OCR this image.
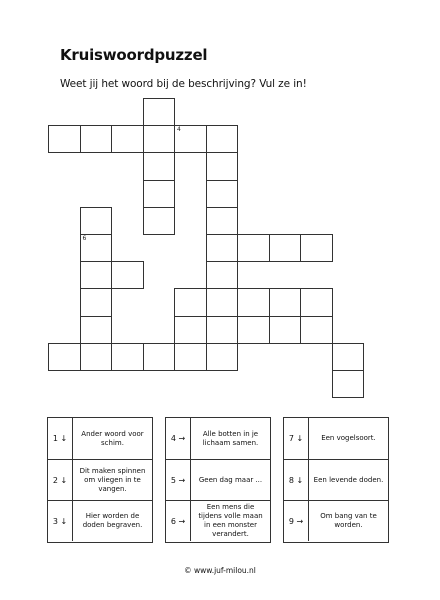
Kruiswoordpuzzel
Weet jij het woord bij de beschrijving? Vul ze in!
4
6
1 ↓
Ander woord voor schim.
2 ↓
Dit maken spinnen om vliegen in te vangen.
3 ↓
Hier worden de doden begraven.
4 →
Alle botten in je lichaam samen.
5 →	Geen dag maar ...
6 →
Een mens die tijdens volle maan in een monster verandert.
7 ↓	Een vogelsoort.
8 ↓	Een levende doden.
9 →
Om bang van te worden.
© www.juf-milou.nl
